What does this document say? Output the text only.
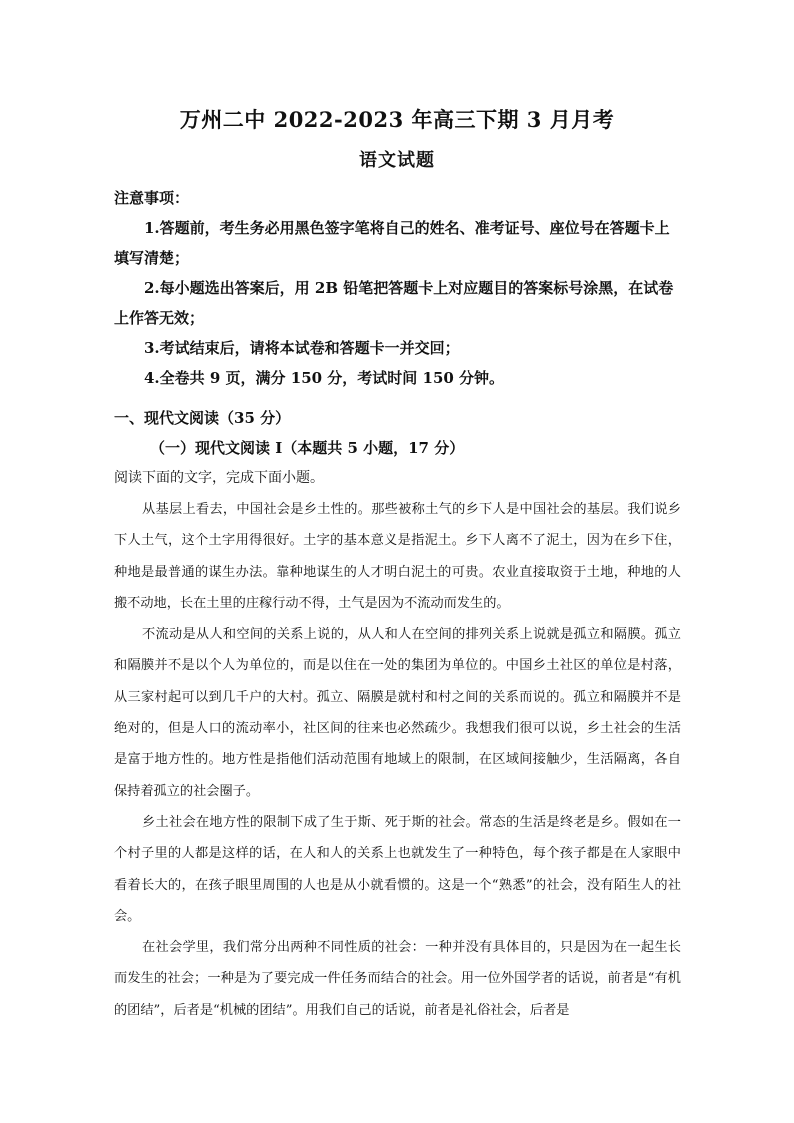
万州二中 2022-2023 年高三下期 3 月月考
语文试题

注意事项：

1.答题前，考生务必用黑色签字笔将自己的姓名、准考证号、座位号在答题卡上填写清楚；

2.每小题选出答案后，用 2B 铅笔把答题卡上对应题目的答案标号涂黑，在试卷上作答无效；

3.考试结束后，请将本试卷和答题卡一并交回；

4.全卷共 9 页，满分 150 分，考试时间 150 分钟。

一、现代文阅读（35 分）
（一）现代文阅读 I（本题共 5 小题，17 分）
阅读下面的文字，完成下面小题。

从基层上看去，中国社会是乡土性的。那些被称土气的乡下人是中国社会的基层。我们说乡下人土气，这个土字用得很好。土字的基本意义是指泥土。乡下人离不了泥土，因为在乡下住，种地是最普通的谋生办法。靠种地谋生的人才明白泥土的可贵。农业直接取资于土地，种地的人搬不动地，长在土里的庄稼行动不得，土气是因为不流动而发生的。

不流动是从人和空间的关系上说的，从人和人在空间的排列关系上说就是孤立和隔膜。孤立和隔膜并不是以个人为单位的，而是以住在一处的集团为单位的。中国乡土社区的单位是村落，从三家村起可以到几千户的大村。孤立、隔膜是就村和村之间的关系而说的。孤立和隔膜并不是绝对的，但是人口的流动率小，社区间的往来也必然疏少。我想我们很可以说，乡土社会的生活是富于地方性的。地方性是指他们活动范围有地域上的限制，在区域间接触少，生活隔离，各自保持着孤立的社会圈子。

乡土社会在地方性的限制下成了生于斯、死于斯的社会。常态的生活是终老是乡。假如在一个村子里的人都是这样的话，在人和人的关系上也就发生了一种特色，每个孩子都是在人家眼中看着长大的，在孩子眼里周围的人也是从小就看惯的。这是一个“熟悉”的社会，没有陌生人的社会。

在社会学里，我们常分出两种不同性质的社会：一种并没有具体目的，只是因为在一起生长而发生的社会；一种是为了要完成一件任务而结合的社会。用一位外国学者的话说，前者是“有机的团结”，后者是“机械的团结”。用我们自己的话说，前者是礼俗社会，后者是
